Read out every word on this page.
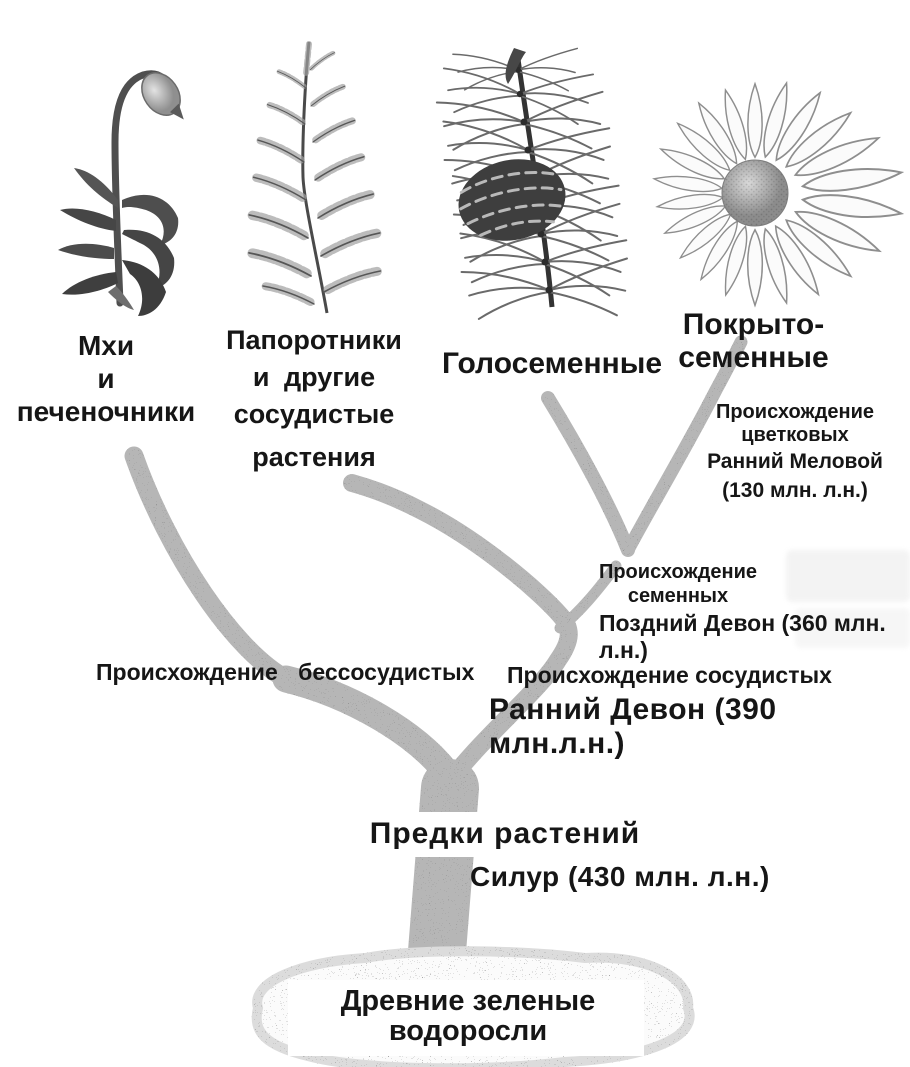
Мхи
и
печеночники
Папоротники
и другие
сосудистые
растения
Голосеменные
Покрыто-
семенные
Происхождение
цветковых
Ранний Меловой
(130 млн. л.н.)
Происхождение
семенных
Поздний Девон (360 млн. л.н.)
Происхождение бессосудистых Происхождение сосудистых
Ранний Девон (390 млн.л.н.)
Предки растений
Силур (430 млн. л.н.)
Древние зеленые
водоросли
